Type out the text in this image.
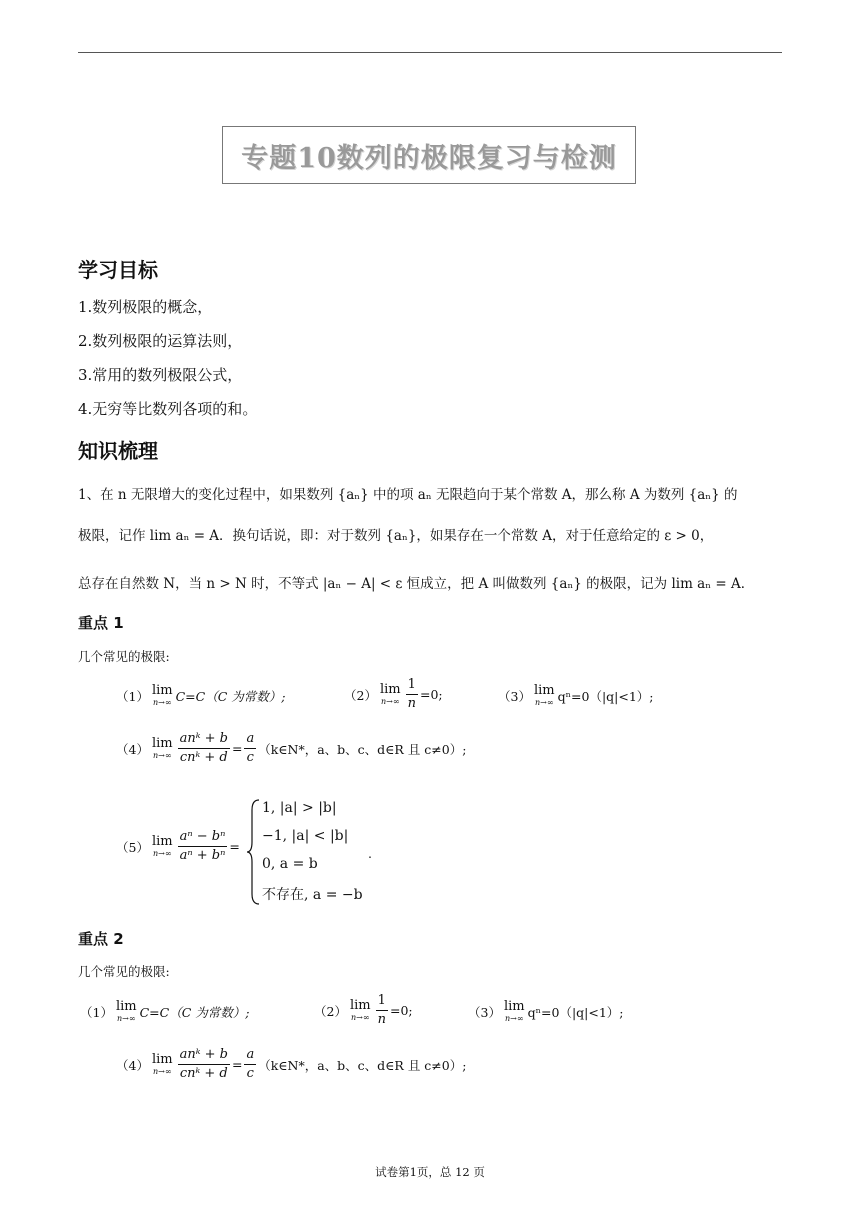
专题10数列的极限复习与检测
学习目标
1.数列极限的概念，
2.数列极限的运算法则，
3.常用的数列极限公式，
4.无穷等比数列各项的和。
知识梳理
1、在 n 无限增大的变化过程中，如果数列 {aₙ} 中的项 aₙ 无限趋向于某个常数 A，那么称 A 为数列 {aₙ} 的
极限，记作 lim aₙ = A．换句话说，即：对于数列 {aₙ}，如果存在一个常数 A，对于任意给定的 ε > 0，
总存在自然数 N，当 n > N 时，不等式 |aₙ − A| < ε 恒成立，把 A 叫做数列 {aₙ} 的极限，记为 lim aₙ = A．
重点 1
几个常见的极限:
（1） lim
n→∞ C=C（C 为常数）;	（2） lim
$n\to\infty \frac{1}{n} =0$;	（3） lim
n→∞ qⁿ=0（|q|<1）;
（4） lim
$n\to\infty \frac{\text{anᵏ + b}}{\text{cnᵏ + d}} = \frac{a}{c}$ （k∈N*，a、b、c、d∈R 且 c≠0）;
（5） lim
$n\to\infty \frac{\text{aⁿ − bⁿ}}{\text{aⁿ + bⁿ}}$ =
1, |a| > |b|
−1, |a| < |b|
0, a = b
不存在, a = −b
.
重点 2
几个常见的极限:
（1） lim
n→∞ C=C（C 为常数）;	（2） lim
$n\to\infty \frac{1}{n} =0$;	（3） lim
n→∞ qⁿ=0（|q|<1）;
（4） lim
$n\to\infty \frac{\text{anᵏ + b}}{\text{cnᵏ + d}} = \frac{a}{c}$ （k∈N*，a、b、c、d∈R 且 c≠0）;
试卷第1页，总 12 页
